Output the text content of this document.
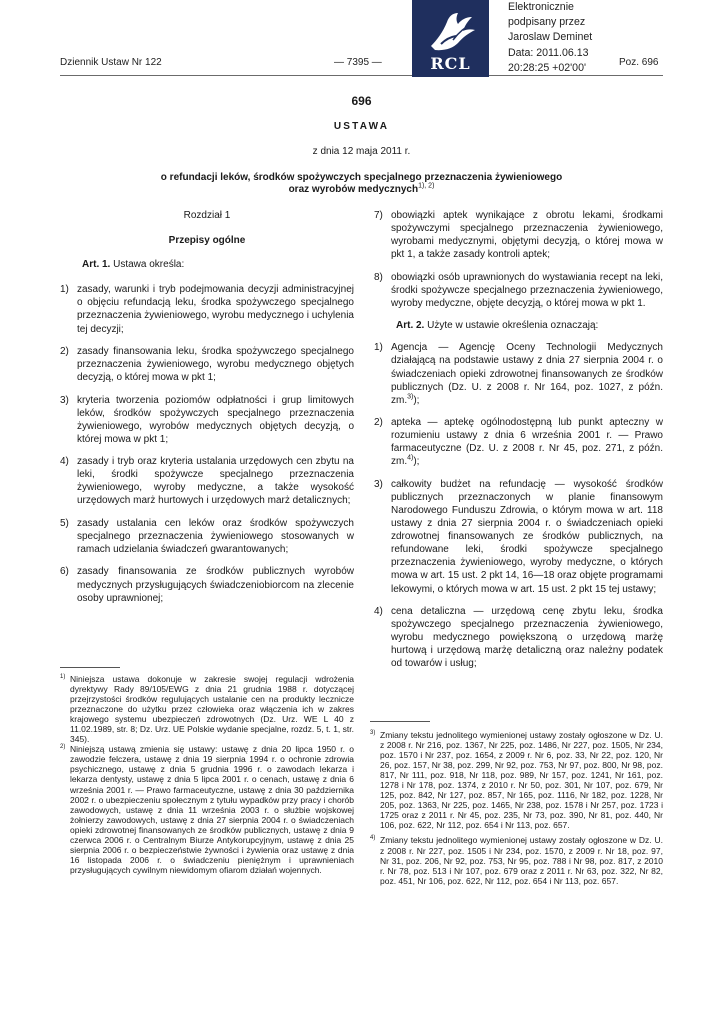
Dziennik Ustaw Nr 122	— 7395 —	Poz. 696
RCL
Elektronicznie
podpisany przez
Jaroslaw Deminet
Data: 2011.06.13
20:28:25 +02'00'
696
USTAWA
z dnia 12 maja 2011 r.
o refundacji leków, środków spożywczych specjalnego przeznaczenia żywieniowego
oraz wyrobów medycznych$^{1), 2)}$
Rozdział 1
Przepisy ogólne
Art. 1. Ustawa określa:
1) zasady, warunki i tryb podejmowania decyzji administracyjnej o objęciu refundacją leku, środka spożywczego specjalnego przeznaczenia żywieniowego, wyrobu medycznego i uchylenia tej decyzji;
2) zasady finansowania leku, środka spożywczego specjalnego przeznaczenia żywieniowego, wyrobu medycznego objętych decyzją, o której mowa w pkt 1;
3) kryteria tworzenia poziomów odpłatności i grup limitowych leków, środków spożywczych specjalnego przeznaczenia żywieniowego, wyrobów medycznych objętych decyzją, o której mowa w pkt 1;
4) zasady i tryb oraz kryteria ustalania urzędowych cen zbytu na leki, środki spożywcze specjalnego przeznaczenia żywieniowego, wyroby medyczne, a także wysokość urzędowych marż hurtowych i urzędowych marż detalicznych;
5) zasady ustalania cen leków oraz środków spożywczych specjalnego przeznaczenia żywieniowego stosowanych w ramach udzielania świadczeń gwarantowanych;
6) zasady finansowania ze środków publicznych wyrobów medycznych przysługujących świadczeniobiorcom na zlecenie osoby uprawnionej;
1) Niniejsza ustawa dokonuje w zakresie swojej regulacji wdrożenia dyrektywy Rady 89/105/EWG z dnia 21 grudnia 1988 r. dotyczącej przejrzystości środków regulujących ustalanie cen na produkty lecznicze przeznaczone do użytku przez człowieka oraz włączenia ich w zakres krajowego systemu ubezpieczeń zdrowotnych (Dz. Urz. WE L 40 z 11.02.1989, str. 8; Dz. Urz. UE Polskie wydanie specjalne, rozdz. 5, t. 1, str. 345).
2) Niniejszą ustawą zmienia się ustawy: ustawę z dnia 20 lipca 1950 r. o zawodzie felczera, ustawę z dnia 19 sierpnia 1994 r. o ochronie zdrowia psychicznego, ustawę z dnia 5 grudnia 1996 r. o zawodach lekarza i lekarza dentysty, ustawę z dnia 5 lipca 2001 r. o cenach, ustawę z dnia 6 września 2001 r. — Prawo farmaceutyczne, ustawę z dnia 30 października 2002 r. o ubezpieczeniu społecznym z tytułu wypadków przy pracy i chorób zawodowych, ustawę z dnia 11 września 2003 r. o służbie wojskowej żołnierzy zawodowych, ustawę z dnia 27 sierpnia 2004 r. o świadczeniach opieki zdrowotnej finansowanych ze środków publicznych, ustawę z dnia 9 czerwca 2006 r. o Centralnym Biurze Antykorupcyjnym, ustawę z dnia 25 sierpnia 2006 r. o bezpieczeństwie żywności i żywienia oraz ustawę z dnia 16 listopada 2006 r. o świadczeniu pieniężnym i uprawnieniach przysługujących cywilnym niewidomym ofiarom działań wojennych.
7) obowiązki aptek wynikające z obrotu lekami, środkami spożywczymi specjalnego przeznaczenia żywieniowego, wyrobami medycznymi, objętymi decyzją, o której mowa w pkt 1, a także zasady kontroli aptek;
8) obowiązki osób uprawnionych do wystawiania recept na leki, środki spożywcze specjalnego przeznaczenia żywieniowego, wyroby medyczne, objęte decyzją, o której mowa w pkt 1.
Art. 2. Użyte w ustawie określenia oznaczają:
1) Agencja — Agencję Oceny Technologii Medycznych działającą na podstawie ustawy z dnia 27 sierpnia 2004 r. o świadczeniach opieki zdrowotnej finansowanych ze środków publicznych (Dz. U. z 2008 r. Nr 164, poz. 1027, z późn. zm.$^{3)}$);
2) apteka — aptekę ogólnodostępną lub punkt apteczny w rozumieniu ustawy z dnia 6 września 2001 r. — Prawo farmaceutyczne (Dz. U. z 2008 r. Nr 45, poz. 271, z późn. zm.$^{4)}$);
3) całkowity budżet na refundację — wysokość środków publicznych przeznaczonych w planie finansowym Narodowego Funduszu Zdrowia, o którym mowa w art. 118 ustawy z dnia 27 sierpnia 2004 r. o świadczeniach opieki zdrowotnej finansowanych ze środków publicznych, na refundowane leki, środki spożywcze specjalnego przeznaczenia żywieniowego, wyroby medyczne, o których mowa w art. 15 ust. 2 pkt 14, 16—18 oraz objęte programami lekowymi, o których mowa w art. 15 ust. 2 pkt 15 tej ustawy;
4) cena detaliczna — urzędową cenę zbytu leku, środka spożywczego specjalnego przeznaczenia żywieniowego, wyrobu medycznego powiększoną o urzędową marżę hurtową i urzędową marżę detaliczną oraz należny podatek od towarów i usług;
3) Zmiany tekstu jednolitego wymienionej ustawy zostały ogłoszone w Dz. U. z 2008 r. Nr 216, poz. 1367, Nr 225, poz. 1486, Nr 227, poz. 1505, Nr 234, poz. 1570 i Nr 237, poz. 1654, z 2009 r. Nr 6, poz. 33, Nr 22, poz. 120, Nr 26, poz. 157, Nr 38, poz. 299, Nr 92, poz. 753, Nr 97, poz. 800, Nr 98, poz. 817, Nr 111, poz. 918, Nr 118, poz. 989, Nr 157, poz. 1241, Nr 161, poz. 1278 i Nr 178, poz. 1374, z 2010 r. Nr 50, poz. 301, Nr 107, poz. 679, Nr 125, poz. 842, Nr 127, poz. 857, Nr 165, poz. 1116, Nr 182, poz. 1228, Nr 205, poz. 1363, Nr 225, poz. 1465, Nr 238, poz. 1578 i Nr 257, poz. 1723 i 1725 oraz z 2011 r. Nr 45, poz. 235, Nr 73, poz. 390, Nr 81, poz. 440, Nr 106, poz. 622, Nr 112, poz. 654 i Nr 113, poz. 657.
4) Zmiany tekstu jednolitego wymienionej ustawy zostały ogłoszone w Dz. U. z 2008 r. Nr 227, poz. 1505 i Nr 234, poz. 1570, z 2009 r. Nr 18, poz. 97, Nr 31, poz. 206, Nr 92, poz. 753, Nr 95, poz. 788 i Nr 98, poz. 817, z 2010 r. Nr 78, poz. 513 i Nr 107, poz. 679 oraz z 2011 r. Nr 63, poz. 322, Nr 82, poz. 451, Nr 106, poz. 622, Nr 112, poz. 654 i Nr 113, poz. 657.
